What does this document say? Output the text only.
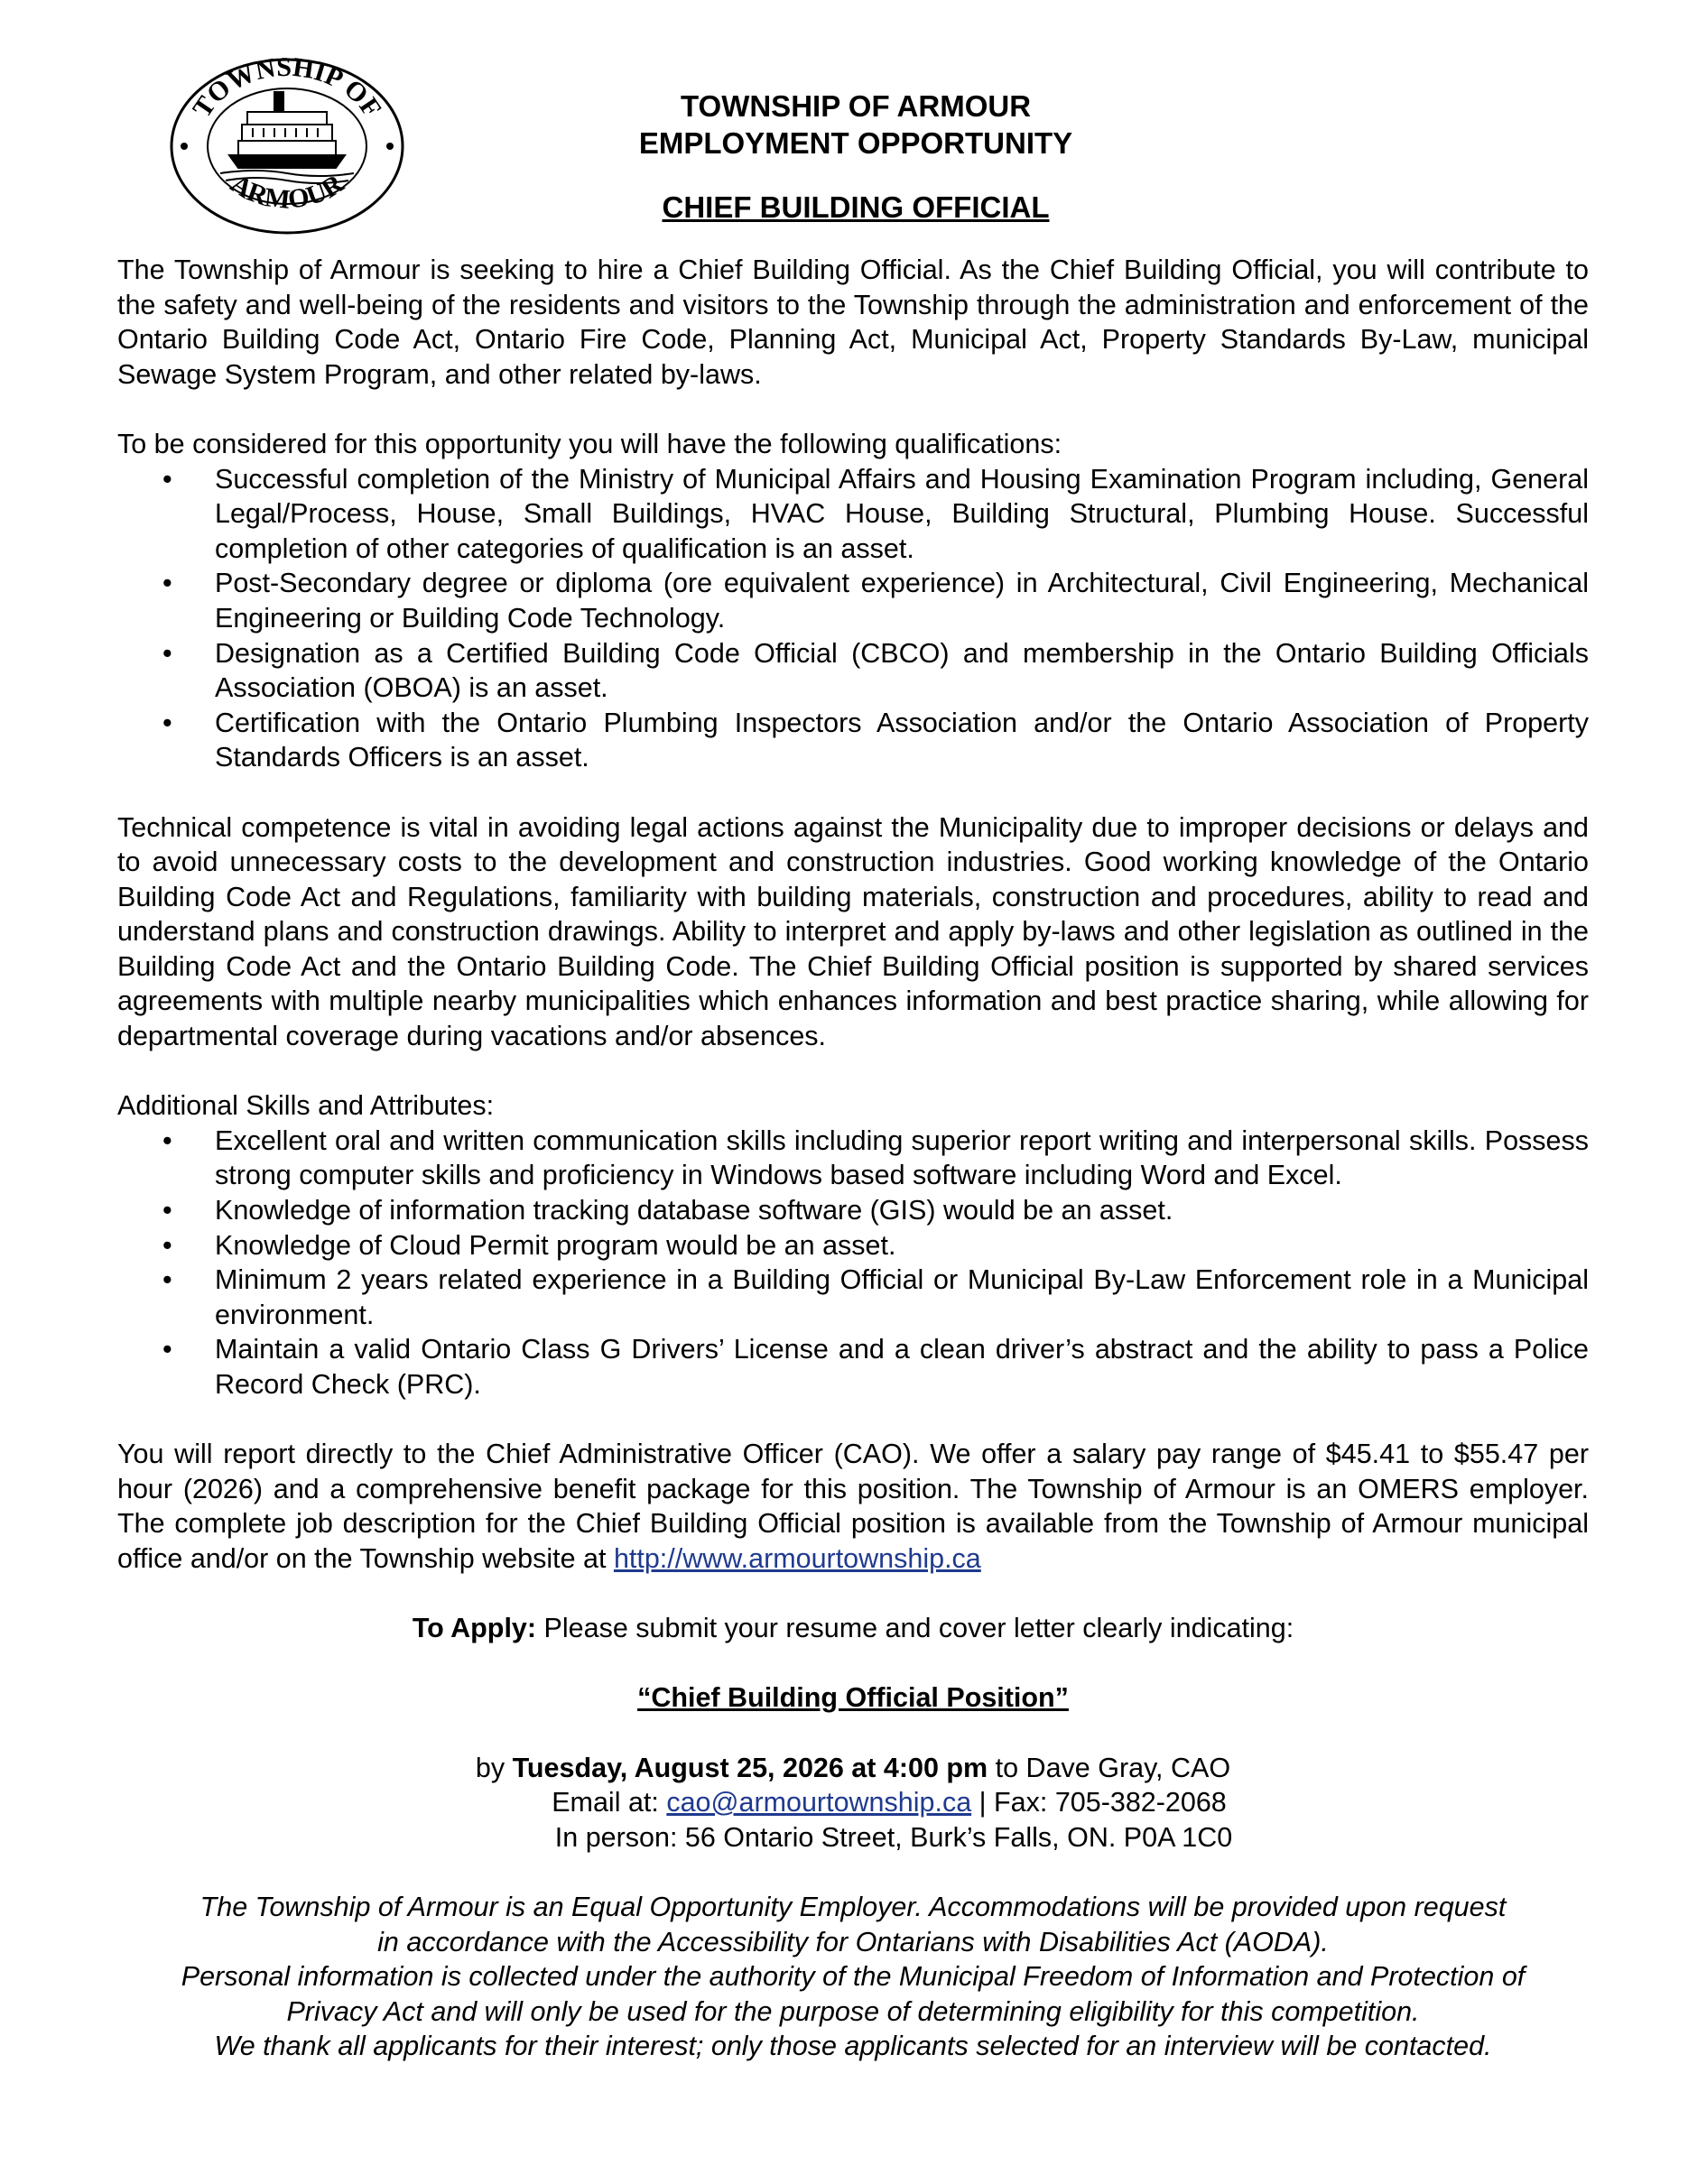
TOWNSHIP OF
ARMOUR
TOWNSHIP OF ARMOUR
EMPLOYMENT OPPORTUNITY
CHIEF BUILDING OFFICIAL

The Township of Armour is seeking to hire a Chief Building Official. As the Chief Building Official, you will contribute to the safety and well-being of the residents and visitors to the Township through the administration and enforcement of the Ontario Building Code Act, Ontario Fire Code, Planning Act, Municipal Act, Property Standards By-Law, municipal Sewage System Program, and other related by-laws.

To be considered for this opportunity you will have the following qualifications:

• Successful completion of the Ministry of Municipal Affairs and Housing Examination Program including, General Legal/Process, House, Small Buildings, HVAC House, Building Structural, Plumbing House. Successful completion of other categories of qualification is an asset.
• Post-Secondary degree or diploma (ore equivalent experience) in Architectural, Civil Engineering, Mechanical Engineering or Building Code Technology.
• Designation as a Certified Building Code Official (CBCO) and membership in the Ontario Building Officials Association (OBOA) is an asset.
• Certification with the Ontario Plumbing Inspectors Association and/or the Ontario Association of Property Standards Officers is an asset.

Technical competence is vital in avoiding legal actions against the Municipality due to improper decisions or delays and to avoid unnecessary costs to the development and construction industries. Good working knowledge of the Ontario Building Code Act and Regulations, familiarity with building materials, construction and procedures, ability to read and understand plans and construction drawings. Ability to interpret and apply by-laws and other legislation as outlined in the Building Code Act and the Ontario Building Code. The Chief Building Official position is supported by shared services agreements with multiple nearby municipalities which enhances information and best practice sharing, while allowing for departmental coverage during vacations and/or absences.

Additional Skills and Attributes:

• Excellent oral and written communication skills including superior report writing and interpersonal skills. Possess strong computer skills and proficiency in Windows based software including Word and Excel.
• Knowledge of information tracking database software (GIS) would be an asset.
• Knowledge of Cloud Permit program would be an asset.
• Minimum 2 years related experience in a Building Official or Municipal By-Law Enforcement role in a Municipal environment.
• Maintain a valid Ontario Class G Drivers’ License and a clean driver’s abstract and the ability to pass a Police Record Check (PRC).

You will report directly to the Chief Administrative Officer (CAO). We offer a salary pay range of $45.41 to $55.47 per hour (2026) and a comprehensive benefit package for this position. The Township of Armour is an OMERS employer. The complete job description for the Chief Building Official position is available from the Township of Armour municipal office and/or on the Township website at http://www.armourtownship.ca

To Apply: Please submit your resume and cover letter clearly indicating:
“Chief Building Official Position”
by Tuesday, August 25, 2026 at 4:00 pm to Dave Gray, CAO
Email at: cao@armourtownship.ca | Fax: 705-382-2068
In person: 56 Ontario Street, Burk’s Falls, ON. P0A 1C0
The Township of Armour is an Equal Opportunity Employer. Accommodations will be provided upon request
in accordance with the Accessibility for Ontarians with Disabilities Act (AODA).
Personal information is collected under the authority of the Municipal Freedom of Information and Protection of
Privacy Act and will only be used for the purpose of determining eligibility for this competition.
We thank all applicants for their interest; only those applicants selected for an interview will be contacted.
